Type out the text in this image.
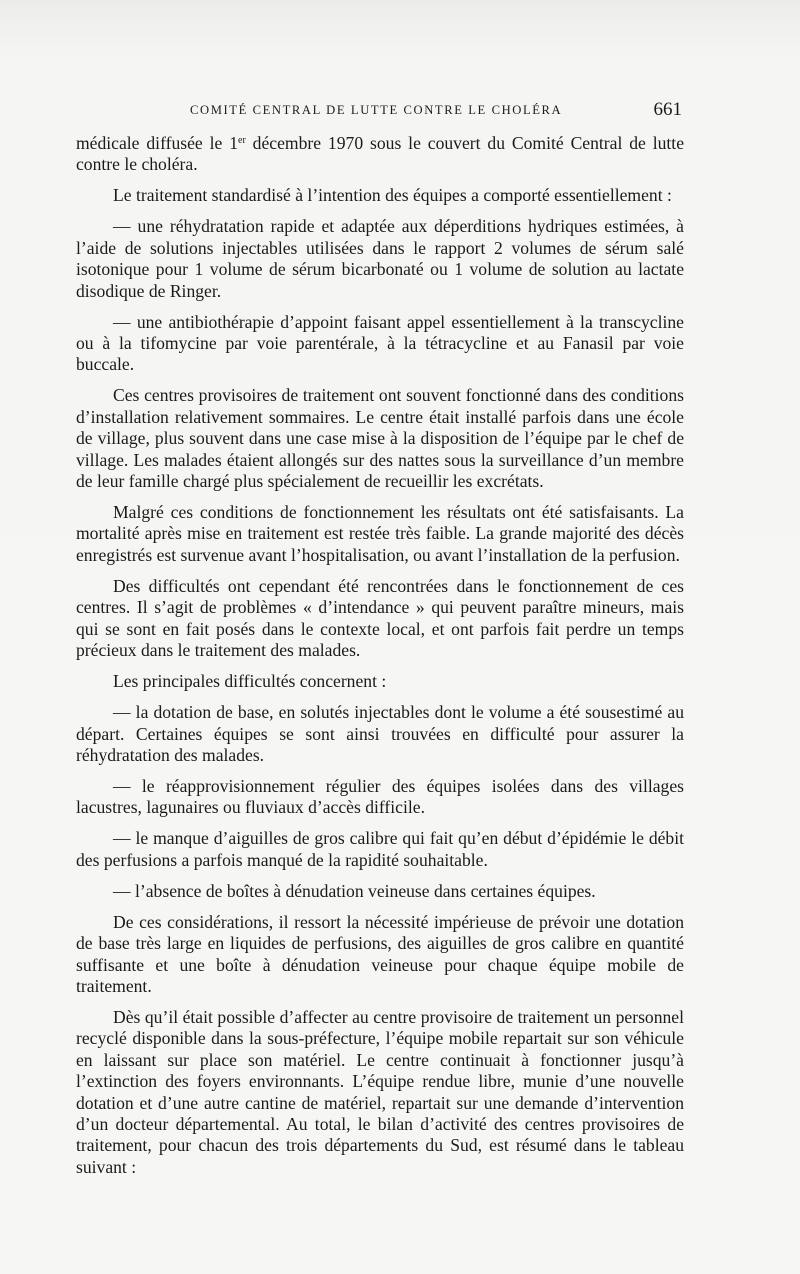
COMITÉ CENTRAL DE LUTTE CONTRE LE CHOLÉRA	661

médicale diffusée le 1er décembre 1970 sous le couvert du Comité Central de lutte contre le choléra.

Le traitement standardisé à l’intention des équipes a comporté essentiellement :

— une réhydratation rapide et adaptée aux déperditions hydriques estimées, à l’aide de solutions injectables utilisées dans le rapport 2 volumes de sérum salé isotonique pour 1 volume de sérum bicarbonaté ou 1 volume de solution au lactate disodique de Ringer.

— une antibiothérapie d’appoint faisant appel essentiellement à la transcycline ou à la tifomycine par voie parentérale, à la tétracycline et au Fanasil par voie buccale.

Ces centres provisoires de traitement ont souvent fonctionné dans des conditions d’installation relativement sommaires. Le centre était installé parfois dans une école de village, plus souvent dans une case mise à la disposition de l’équipe par le chef de village. Les malades étaient allongés sur des nattes sous la surveillance d’un membre de leur famille chargé plus spécialement de recueillir les excrétats.

Malgré ces conditions de fonctionnement les résultats ont été satisfaisants. La mortalité après mise en traitement est restée très faible. La grande majorité des décès enregistrés est survenue avant l’hospitalisation, ou avant l’installation de la perfusion.

Des difficultés ont cependant été rencontrées dans le fonctionnement de ces centres. Il s’agit de problèmes « d’intendance » qui peuvent paraître mineurs, mais qui se sont en fait posés dans le contexte local, et ont parfois fait perdre un temps précieux dans le traitement des malades.

Les principales difficultés concernent :

— la dotation de base, en solutés injectables dont le volume a été sousestimé au départ. Certaines équipes se sont ainsi trouvées en difficulté pour assurer la réhydratation des malades.

— le réapprovisionnement régulier des équipes isolées dans des villages lacustres, lagunaires ou fluviaux d’accès difficile.

— le manque d’aiguilles de gros calibre qui fait qu’en début d’épidémie le débit des perfusions a parfois manqué de la rapidité souhaitable.

— l’absence de boîtes à dénudation veineuse dans certaines équipes.

De ces considérations, il ressort la nécessité impérieuse de prévoir une dotation de base très large en liquides de perfusions, des aiguilles de gros calibre en quantité suffisante et une boîte à dénudation veineuse pour chaque équipe mobile de traitement.

Dès qu’il était possible d’affecter au centre provisoire de traitement un personnel recyclé disponible dans la sous-préfecture, l’équipe mobile repartait sur son véhicule en laissant sur place son matériel. Le centre continuait à fonctionner jusqu’à l’extinction des foyers environnants. L’équipe rendue libre, munie d’une nouvelle dotation et d’une autre cantine de matériel, repartait sur une demande d’intervention d’un docteur départemental. Au total, le bilan d’activité des centres provisoires de traitement, pour chacun des trois départements du Sud, est résumé dans le tableau suivant :
